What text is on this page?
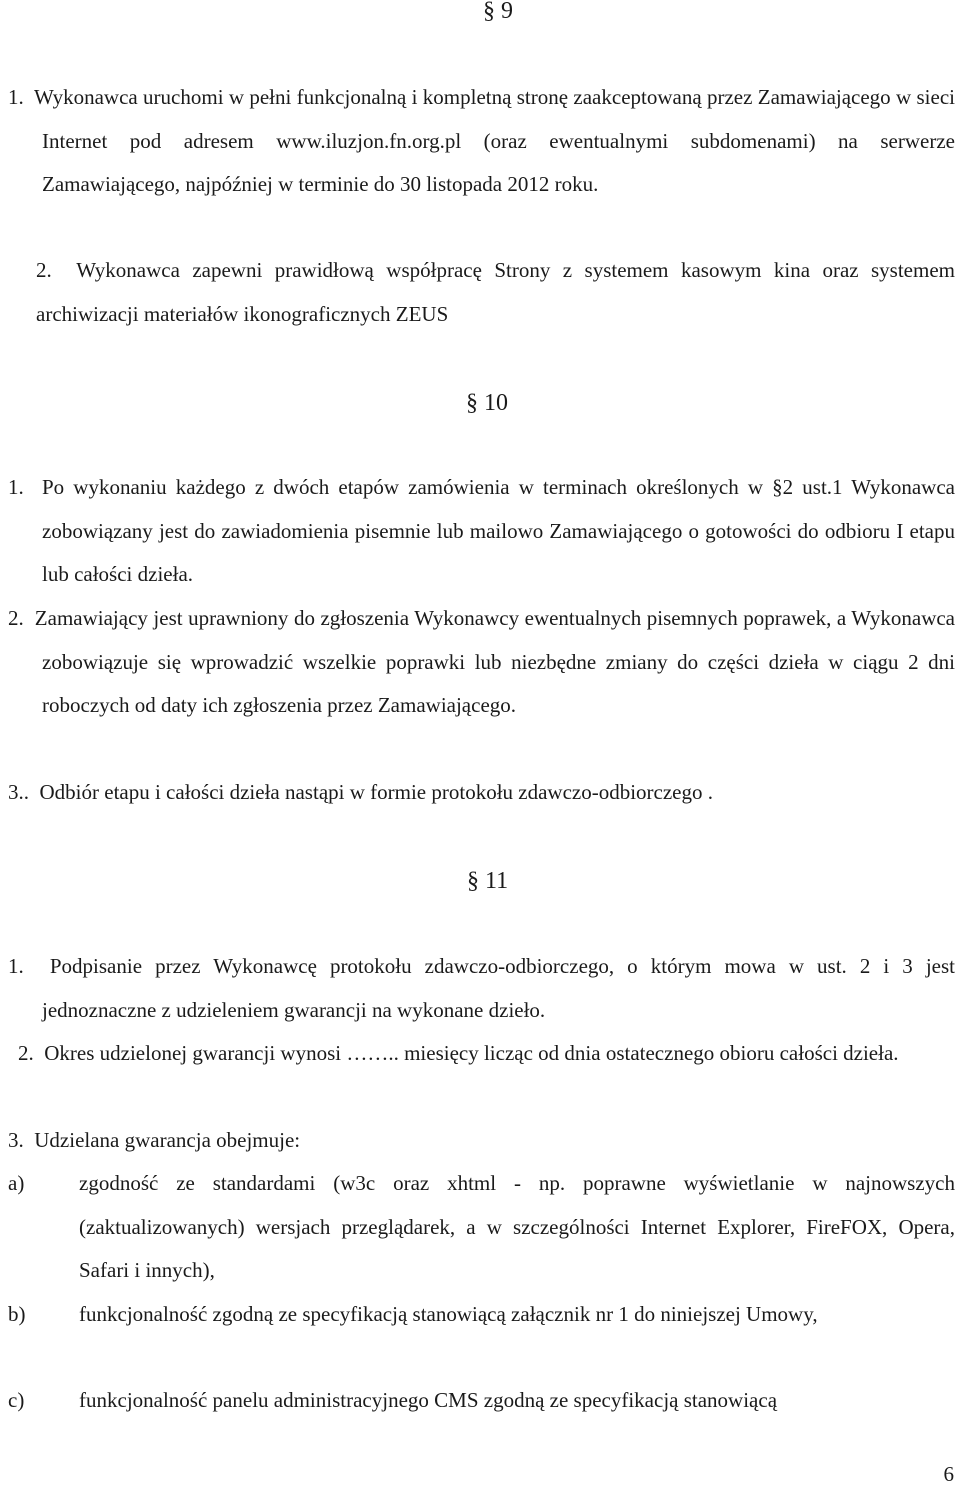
§ 9
1. Wykonawca uruchomi w pełni funkcjonalną i kompletną stronę zaakceptowaną przez Zamawiającego w sieci Internet pod adresem www.iluzjon.fn.org.pl (oraz ewentualnymi subdomenami) na serwerze Zamawiającego, najpóźniej w terminie do 30 listopada 2012 roku.
2. Wykonawca zapewni prawidłową współpracę Strony z systemem kasowym kina oraz systemem archiwizacji materiałów ikonograficznych ZEUS
§ 10
1. Po wykonaniu każdego z dwóch etapów zamówienia w terminach określonych w §2 ust.1 Wykonawca zobowiązany jest do zawiadomienia pisemnie lub mailowo Zamawiającego o gotowości do odbioru I etapu lub całości dzieła.
2. Zamawiający jest uprawniony do zgłoszenia Wykonawcy ewentualnych pisemnych poprawek, a Wykonawca zobowiązuje się wprowadzić wszelkie poprawki lub niezbędne zmiany do części dzieła w ciągu 2 dni roboczych od daty ich zgłoszenia przez Zamawiającego.
3.. Odbiór etapu i całości dzieła nastąpi w formie protokołu zdawczo-odbiorczego .
§ 11
1. Podpisanie przez Wykonawcę protokołu zdawczo-odbiorczego, o którym mowa w ust. 2 i 3 jest jednoznaczne z udzieleniem gwarancji na wykonane dzieło.
2. Okres udzielonej gwarancji wynosi …….. miesięcy licząc od dnia ostatecznego obioru całości dzieła.
3. Udzielana gwarancja obejmuje:
a)	zgodność ze standardami (w3c oraz xhtml - np. poprawne wyświetlanie w najnowszych (zaktualizowanych) wersjach przeglądarek, a w szczególności Internet Explorer, FireFOX, Opera, Safari i innych),
b)	funkcjonalność zgodną ze specyfikacją stanowiącą załącznik nr 1 do niniejszej Umowy,
c)	funkcjonalność panelu administracyjnego CMS zgodną ze specyfikacją stanowiącą
6
